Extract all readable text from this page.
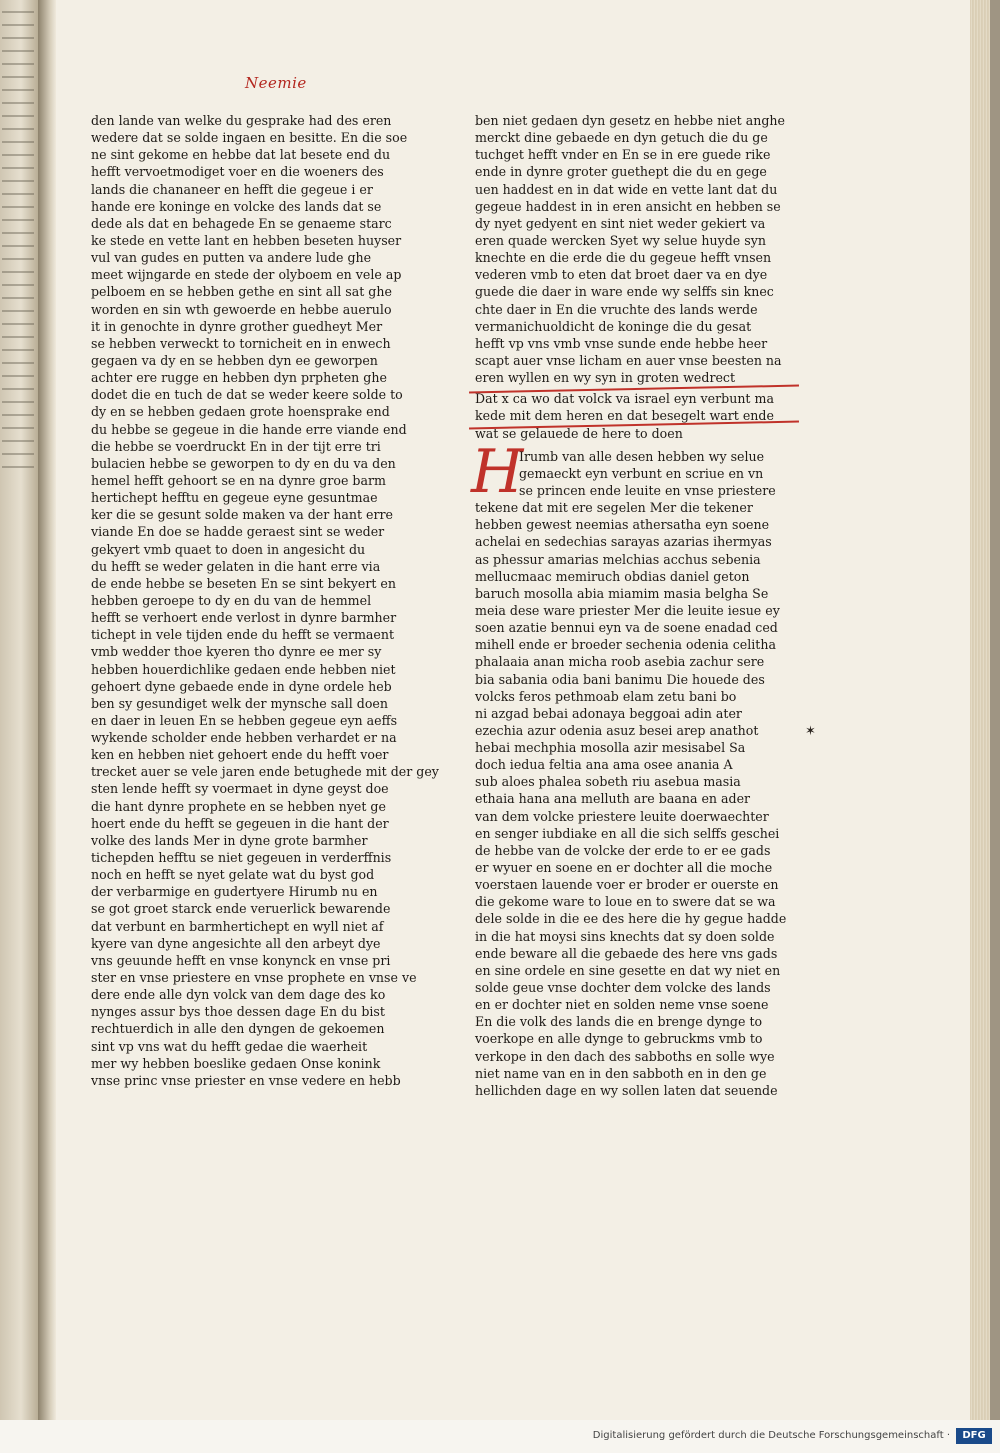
Neemie
den lande van welke du gesprake had des eren
wedere dat se solde ingaen en besitte. En die soe
ne sint gekome en hebbe dat lat besete end du
hefft vervoetmodiget voer en die woeners des
lands die chananeer en hefft die gegeue i er
hande ere koninge en volcke des lands dat se
dede als dat en behagede En se genaeme starc
ke stede en vette lant en hebben beseten huyser
vul van gudes en putten va andere lude ghe
meet wijngarde en stede der olyboem en vele ap
pelboem en se hebben gethe en sint all sat ghe
worden en sin wth gewoerde en hebbe auerulo
it in genochte in dynre grother guedheyt Mer
se hebben verweckt to tornicheit en in enwech
gegaen va dy en se hebben dyn ee geworpen
achter ere rugge en hebben dyn prpheten ghe
dodet die en tuch de dat se weder keere solde to
dy en se hebben gedaen grote hoensprake end
du hebbe se gegeue in die hande erre viande end
die hebbe se voerdruckt En in der tijt erre tri
bulacien hebbe se geworpen to dy en du va den
hemel hefft gehoort se en na dynre groe barm
hertichept hefftu en gegeue eyne gesuntmae
ker die se gesunt solde maken va der hant erre
viande En doe se hadde geraest sint se weder
gekyert vmb quaet to doen in angesicht du
du hefft se weder gelaten in die hant erre via
de ende hebbe se beseten En se sint bekyert en
hebben geroepe to dy en du van de hemmel
hefft se verhoert ende verlost in dynre barmher
tichept in vele tijden ende du hefft se vermaent
vmb wedder thoe kyeren tho dynre ee mer sy
hebben houerdichlike gedaen ende hebben niet
gehoert dyne gebaede ende in dyne ordele heb
ben sy gesundiget welk der mynsche sall doen
en daer in leuen En se hebben gegeue eyn aeffs
wykende scholder ende hebben verhardet er na
ken en hebben niet gehoert ende du hefft voer
trecket auer se vele jaren ende betughede mit der gey
sten lende hefft sy voermaet in dyne geyst doe
die hant dynre prophete en se hebben nyet ge
hoert ende du hefft se gegeuen in die hant der
volke des lands Mer in dyne grote barmher
tichepden hefftu se niet gegeuen in verderffnis
noch en hefft se nyet gelate wat du byst god
der verbarmige en gudertyere Hirumb nu en
se got groet starck ende veruerlick bewarende
dat verbunt en barmhertichept en wyll niet af
kyere van dyne angesichte all den arbeyt dye
vns geuunde hefft en vnse konynck en vnse pri
ster en vnse priestere en vnse prophete en vnse ve
dere ende alle dyn volck van dem dage des ko
nynges assur bys thoe dessen dage En du bist
rechtuerdich in alle den dyngen de gekoemen
sint vp vns wat du hefft gedae die waerheit
mer wy hebben boeslike gedaen Onse konink
vnse princ vnse priester en vnse vedere en hebb
ben niet gedaen dyn gesetz en hebbe niet anghe
merckt dine gebaede en dyn getuch die du ge
tuchget hefft vnder en En se in ere guede rike
ende in dynre groter guethept die du en gege
uen haddest en in dat wide en vette lant dat du
gegeue haddest in in eren ansicht en hebben se
dy nyet gedyent en sint niet weder gekiert va
eren quade wercken Syet wy selue huyde syn
knechte en die erde die du gegeue hefft vnsen
vederen vmb to eten dat broet daer va en dye
guede die daer in ware ende wy selffs sin knec
chte daer in En die vruchte des lands werde
vermanichuoldicht de koninge die du gesat
hefft vp vns vmb vnse sunde ende hebbe heer
scapt auer vnse licham en auer vnse beesten na
eren wyllen en wy syn in groten wedrect
Dat x ca wo dat volck va israel eyn verbunt ma
kede mit dem heren en dat besegelt wart ende
wat se gelauede de here to doen
H
Irumb van alle desen hebben wy selue
gemaeckt eyn verbunt en scriue en vn
se princen ende leuite en vnse priestere
tekene dat mit ere segelen Mer die tekener
hebben gewest neemias athersatha eyn soene
achelai en sedechias sarayas azarias ihermyas
as phessur amarias melchias acchus sebenia
mellucmaac memiruch obdias daniel geton
baruch mosolla abia miamim masia belgha Se
meia dese ware priester Mer die leuite iesue ey
soen azatie bennui eyn va de soene enadad ced
mihell ende er broeder sechenia odenia celitha
phalaaia anan micha roob asebia zachur sere
bia sabania odia bani banimu Die houede des
volcks feros pethmoab elam zetu bani bo
ni azgad bebai adonaya beggoai adin ater
ezechia azur odenia asuz besei arep anathot
hebai mechphia mosolla azir mesisabel Sa
doch iedua feltia ana ama osee anania A
sub aloes phalea sobeth riu asebua masia
ethaia hana ana melluth are baana en ader
van dem volcke priestere leuite doerwaechter
en senger iubdiake en all die sich selffs geschei
de hebbe van de volcke der erde to er ee gads
er wyuer en soene en er dochter all die moche
voerstaen lauende voer er broder er ouerste en
die gekome ware to loue en to swere dat se wa
dele solde in die ee des here die hy gegue hadde
in die hat moysi sins knechts dat sy doen solde
ende beware all die gebaede des here vns gads
en sine ordele en sine gesette en dat wy niet en
solde geue vnse dochter dem volcke des lands
en er dochter niet en solden neme vnse soene
En die volk des lands die en brenge dynge to
voerkope en alle dynge to gebruckms vmb to
verkope in den dach des sabboths en solle wye
niet name van en in den sabboth en in den ge
hellichden dage en wy sollen laten dat seuende
✶
Digitalisierung gefördert durch die Deutsche Forschungsgemeinschaft ·	DFG
